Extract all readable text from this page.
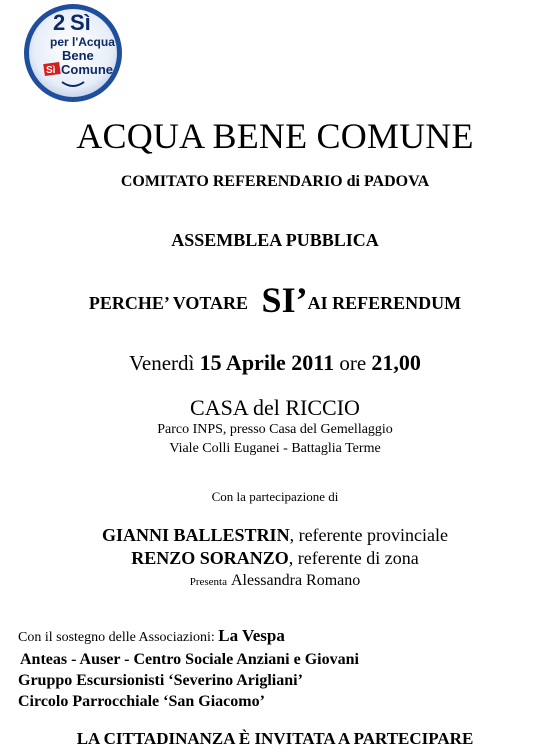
2 Sì
per l'Acqua
Bene
Sì Comune
ACQUA BENE COMUNE
COMITATO REFERENDARIO di PADOVA
ASSEMBLEA PUBBLICA
PERCHE’ VOTARE SI’AI REFERENDUM
Venerdì 15 Aprile 2011 ore 21,00
CASA del RICCIO
Parco INPS, presso Casa del Gemellaggio
Viale Colli Euganei - Battaglia Terme
Con la partecipazione di
GIANNI BALLESTRIN, referente provinciale
RENZO SORANZO, referente di zona
Presenta Alessandra Romano
Con il sostegno delle Associazioni: La Vespa
Anteas - Auser - Centro Sociale Anziani e Giovani
Gruppo Escursionisti ‘Severino Arigliani’
Circolo Parrocchiale ‘San Giacomo’
LA CITTADINANZA È INVITATA A PARTECIPARE
